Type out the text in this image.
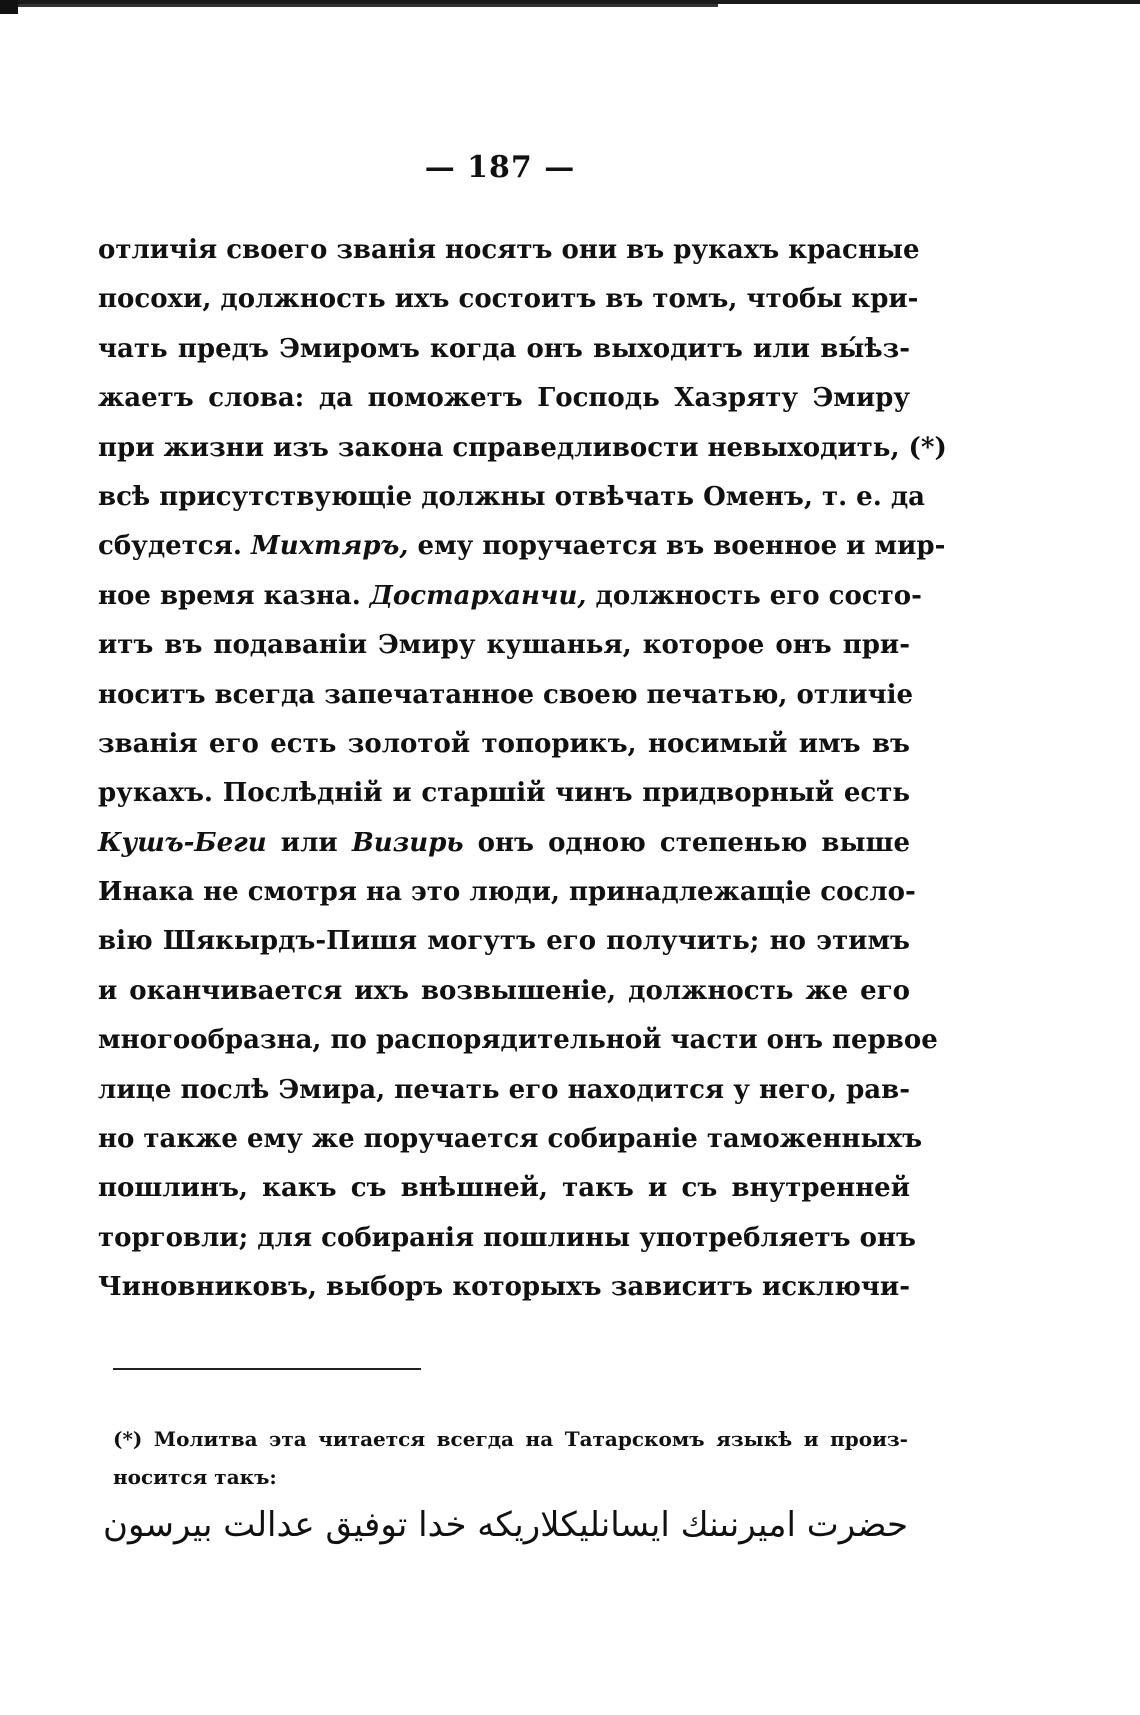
— 187 —
отличія своего званія носятъ они въ рукахъ красные
посохи, должность ихъ состоитъ въ томъ, чтобы кри-
чать предъ Эмиромъ когда онъ выходитъ или вы́ѣз-
жаетъ слова: да поможетъ Господь Хазряту Эмиру
при жизни изъ закона справедливости невыходить, (*)
всѣ присутствующіе должны отвѣчать Оменъ, т. е. да
сбудется. Михтяръ, ему поручается въ военное и мир-
ное время казна. Достарханчи, должность его состо-
итъ въ подаваніи Эмиру кушанья, которое онъ при-
носитъ всегда запечатанное своею печатью, отличіе
званія его есть золотой топорикъ, носимый имъ въ
рукахъ. Послѣдній и старшій чинъ придворный есть
Кушъ-Беги или Визирь онъ одною степенью выше
Инака не смотря на это люди, принадлежащіе сосло-
вію Шякырдъ-Пишя могутъ его получить; но этимъ
и оканчивается ихъ возвышеніе, должность же его
многообразна, по распорядительной части онъ первое
лице послѣ Эмира, печать его находится у него, рав-
но также ему же поручается собираніе таможенныхъ
пошлинъ, какъ съ внѣшней, такъ и съ внутренней
торговли; для собиранія пошлины употребляетъ онъ
Чиновниковъ, выборъ которыхъ зависитъ исключи-
(*) Молитва эта читается всегда на Татарскомъ языкѣ и произ-
носится такъ:
حضرت امیرنىنك ایسانلیكلاریكه خدا توفیق عدالت بیرسون
